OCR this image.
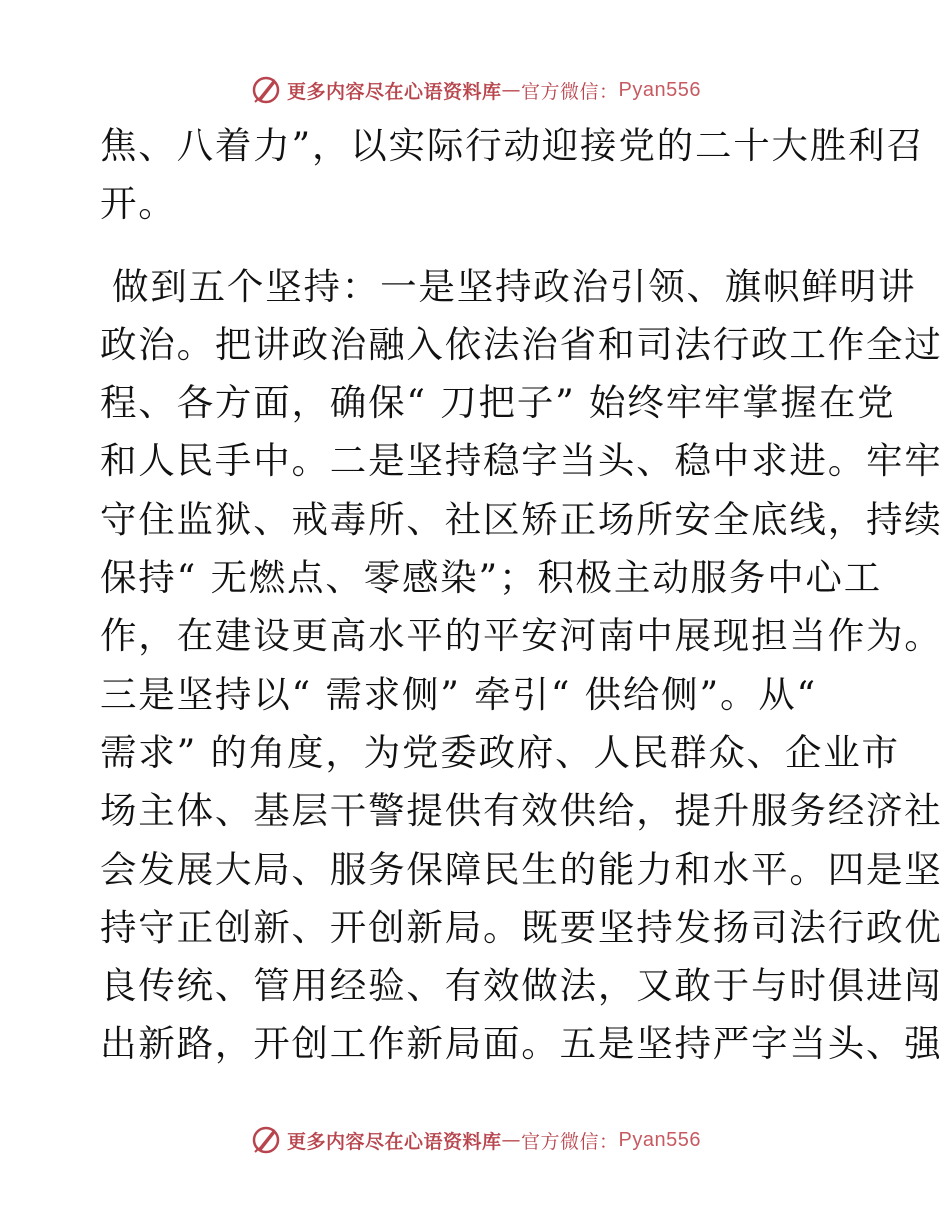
更多内容尽在心语资料库 — 官方微信： Pyan556
焦、八着力”，以实际行动迎接党的二十大胜利召
开。
做到五个坚持：一是坚持政治引领、旗帜鲜明讲
政治。把讲政治融入依法治省和司法行政工作全过
程、各方面，确保“ 刀把子” 始终牢牢掌握在党
和人民手中。二是坚持稳字当头、稳中求进。牢牢
守住监狱、戒毒所、社区矫正场所安全底线，持续
保持“ 无燃点、零感染”；积极主动服务中心工
作，在建设更高水平的平安河南中展现担当作为。
三是坚持以“ 需求侧” 牵引“ 供给侧”。从“
需求” 的角度，为党委政府、人民群众、企业市
场主体、基层干警提供有效供给，提升服务经济社
会发展大局、服务保障民生的能力和水平。四是坚
持守正创新、开创新局。既要坚持发扬司法行政优
良传统、管用经验、有效做法，又敢于与时俱进闯
出新路，开创工作新局面。五是坚持严字当头、强
更多内容尽在心语资料库 — 官方微信： Pyan556
